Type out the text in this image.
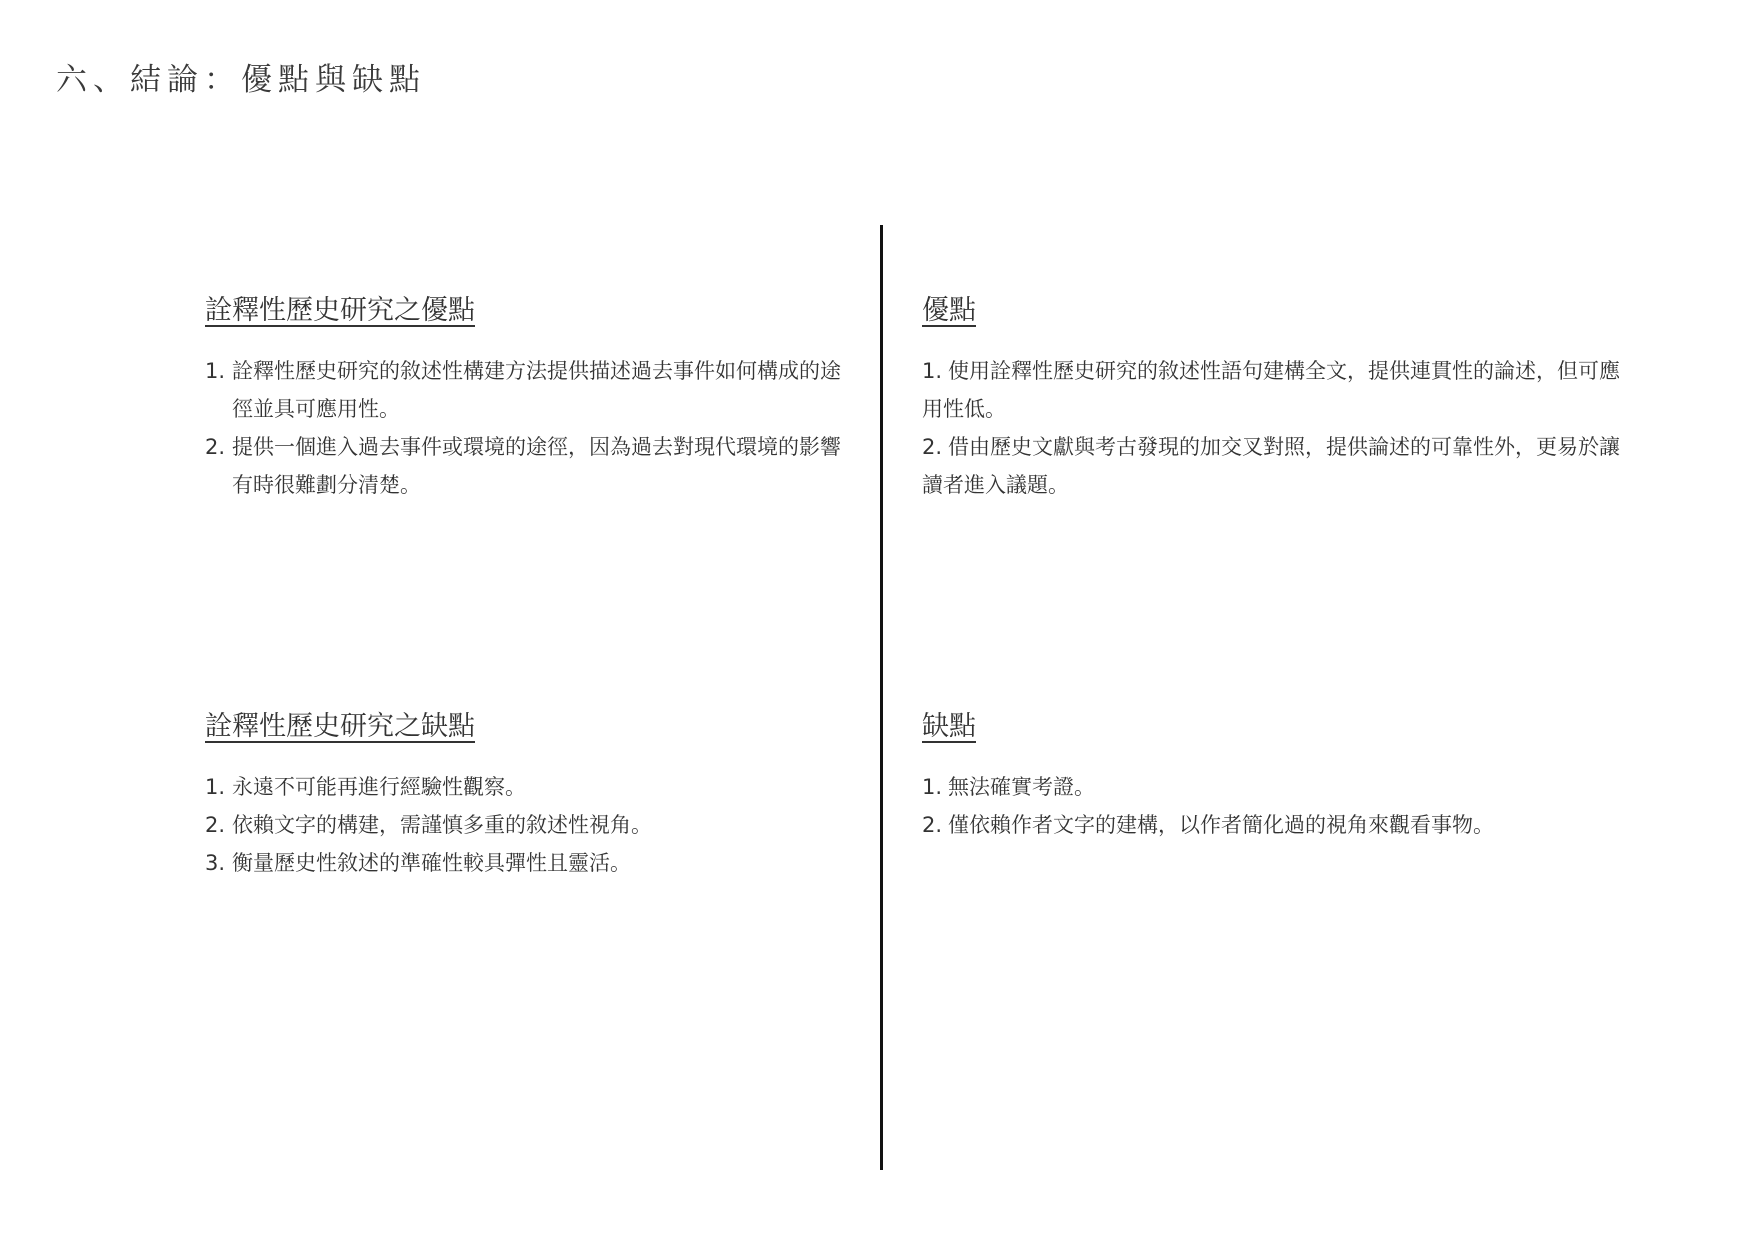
六、結論：優點與缺點
詮釋性歷史研究之優點
1. 詮釋性歷史研究的敘述性構建方法提供描述過去事件如何構成的途徑並具可應用性。
2. 提供一個進入過去事件或環境的途徑，因為過去對現代環境的影響有時很難劃分清楚。
優點
1. 使用詮釋性歷史研究的敘述性語句建構全文，提供連貫性的論述，但可應用性低。
2. 借由歷史文獻與考古發現的加交叉對照，提供論述的可靠性外，更易於讓讀者進入議題。
詮釋性歷史研究之缺點
1. 永遠不可能再進行經驗性觀察。
2. 依賴文字的構建，需謹慎多重的敘述性視角。
3. 衡量歷史性敘述的準確性較具彈性且靈活。
缺點
1. 無法確實考證。
2. 僅依賴作者文字的建構，以作者簡化過的視角來觀看事物。
